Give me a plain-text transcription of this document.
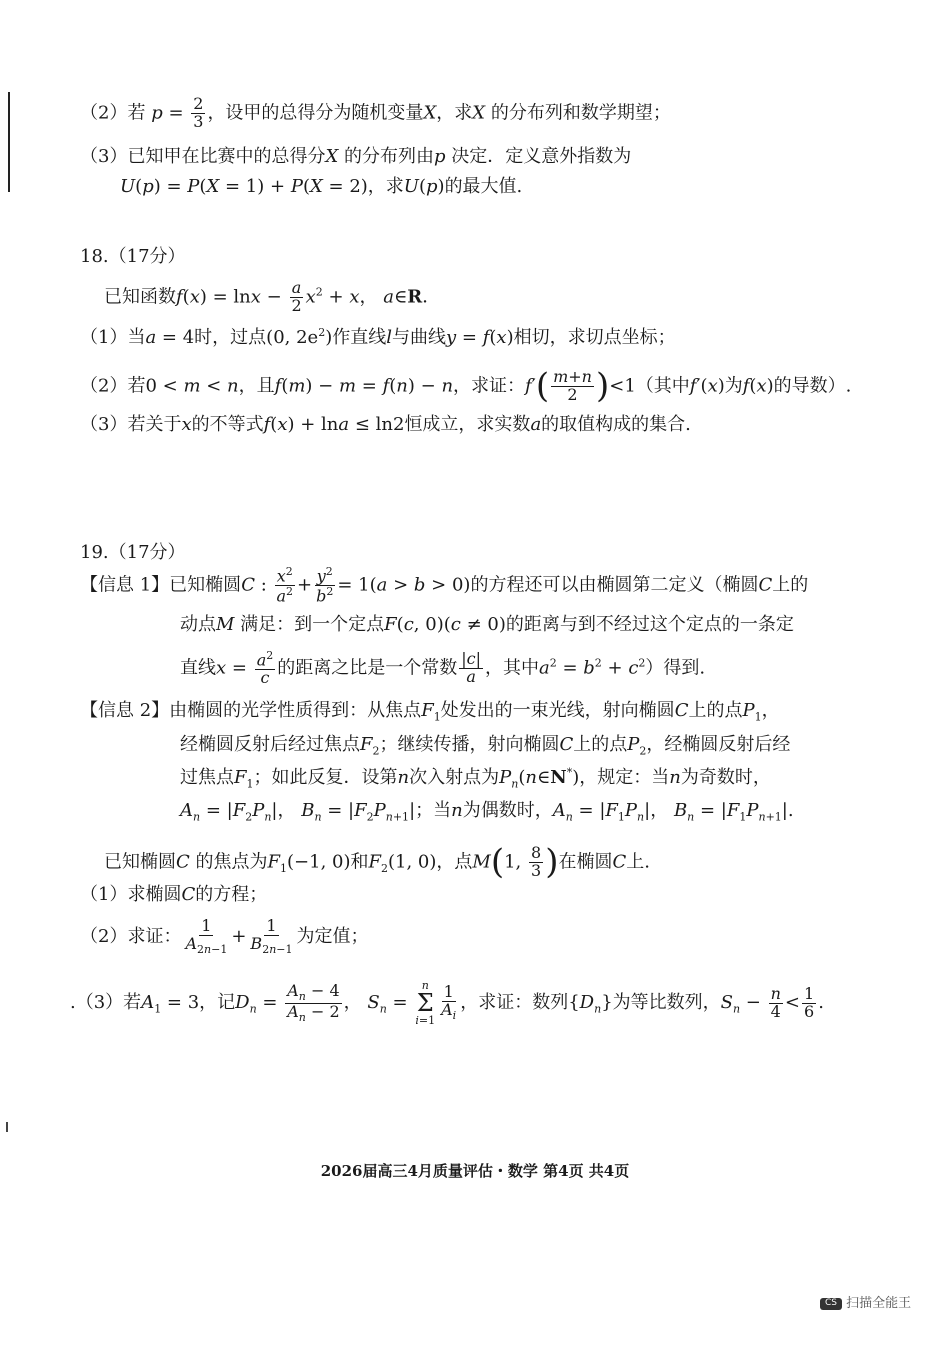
（2）若 $p = \frac{2}{3}$ ，设甲的总得分为随机变量X，求X 的分布列和数学期望；
（3）已知甲在比赛中的总得分X 的分布列由p 决定．定义意外指数为
U(p) = P(X = 1) + P(X = 2)，求U(p)的最大值.
18.（17分）
已知函数$f(x) = \ln x - \frac{a}{2} x^2 + x$， a∈R．
（1）当a = 4时，过点(0, $2e^2$)作直线l与曲线y = f(x)相切，求切点坐标；
（2）若0 < m < n，且f(m) − m = f(n) − n，求证：$f'( \frac{m+n}{2} )<1$（其中f′(x)为f(x)的导数）.
（3）若关于x的不等式f(x) + lna ≤ ln2恒成立，求实数a的取值构成的集合.
19.（17分）
【信息 1】已知椭圆C : $\frac{x^2}{a^2} + \frac{y^2}{b^2} = 1(a > b > 0)$的方程还可以由椭圆第二定义（椭圆C上的
动点M 满足：到一个定点F(c, 0)(c ≠ 0)的距离与到不经过这个定点的一条定
直线$x = \frac{a^2}{c}$ 的距离之比是一个常数 $\frac{|c|}{a}$ ，其中$a^2 = b^2 + c^2$）得到.
【信息 2】由椭圆的光学性质得到：从焦点$F_1$处发出的一束光线，射向椭圆C上的点$P_1$，
经椭圆反射后经过焦点$F_2$；继续传播，射向椭圆C上的点$P_2$，经椭圆反射后经
过焦点$F_1$；如此反复．设第n次入射点为$P_n(n\in N^*)$，规定：当n为奇数时，
$A_n = |F_2P_n|$， $B_n = |F_2P_{n+1}|$；当n为偶数时，$A_n = |F_1P_n|$， $B_n = |F_1P_{n+1}|$.
已知椭圆C 的焦点为$F_1(-1$, 0)和$F_2(1$, 0)，点M(1, $\frac{8}{3}$ )在椭圆C上.
（1）求椭圆C的方程；
（2）求证： $\frac{1}{A_{2n-1}} + \frac{1}{B_{2n-1}}$ 为定值；
.（3）若$A_1 = 3$，记$D_n = \frac{A_n - 4}{A_n - 2}$ ， $S_n$ =
n
Σ
$i=1 \frac{1}{A_i}$ ，求证：数列$\{D_n\}$为等比数列，$S_n - \frac{n}{4} < \frac{1}{6}$ .
2026届高三4月质量评估・数学 第4页 共4页
CS 扫描全能王
